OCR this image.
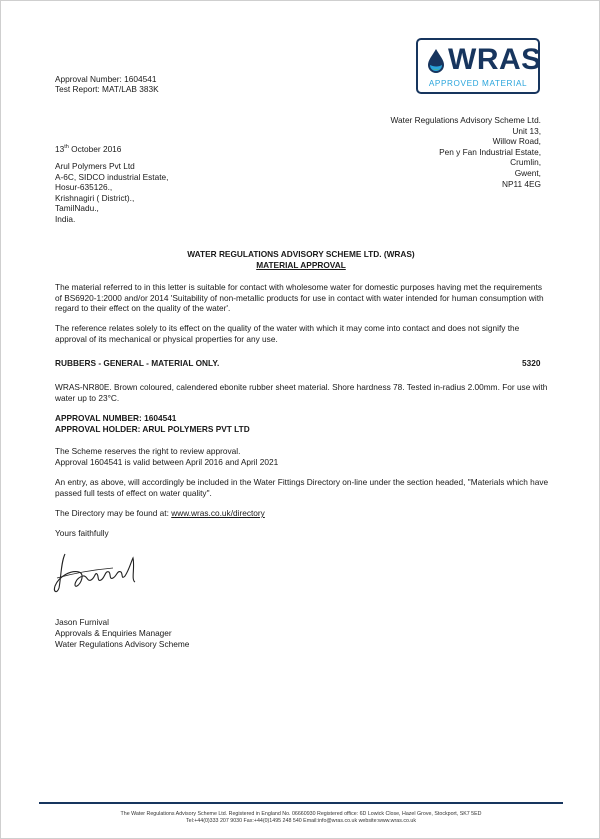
WRAS
APPROVED MATERIAL
Approval Number: 1604541
Test Report: MAT/LAB 383K
Water Regulations Advisory Scheme Ltd.
Unit 13,
Willow Road,
Pen y Fan Industrial Estate,
Crumlin,
Gwent,
NP11 4EG
13th October 2016
Arul Polymers Pvt Ltd
A-6C, SIDCO industrial Estate,
Hosur-635126.,
Krishnagiri ( District).,
TamilNadu.,
India.
WATER REGULATIONS ADVISORY SCHEME LTD. (WRAS)
MATERIAL APPROVAL
The material referred to in this letter is suitable for contact with wholesome water for domestic purposes having met the requirements of BS6920-1:2000 and/or 2014 'Suitability of non-metallic products for use in contact with water intended for human consumption with regard to their effect on the quality of the water'.
The reference relates solely to its effect on the quality of the water with which it may come into contact and does not signify the approval of its mechanical or physical properties for any use.
RUBBERS - GENERAL - MATERIAL ONLY.	5320
WRAS-NR80E. Brown coloured, calendered ebonite rubber sheet material. Shore hardness 78. Tested in-radius 2.00mm. For use with water up to 23°C.
APPROVAL NUMBER: 1604541
APPROVAL HOLDER: ARUL POLYMERS PVT LTD
The Scheme reserves the right to review approval.
Approval 1604541 is valid between April 2016 and April 2021
An entry, as above, will accordingly be included in the Water Fittings Directory on-line under the section headed, "Materials which have passed full tests of effect on water quality".
The Directory may be found at: www.wras.co.uk/directory
Yours faithfully
Jason Furnival
Approvals & Enquiries Manager
Water Regulations Advisory Scheme
The Water Regulations Advisory Scheme Ltd. Registered in England No. 06660930 Registered office: 6D Lowick Close, Hazel Grove, Stockport, SK7 5ED
Tel:+44(0)333 207 9030 Fax:+44(0)1495 248 540 Email:info@wras.co.uk website:www.wras.co.uk
